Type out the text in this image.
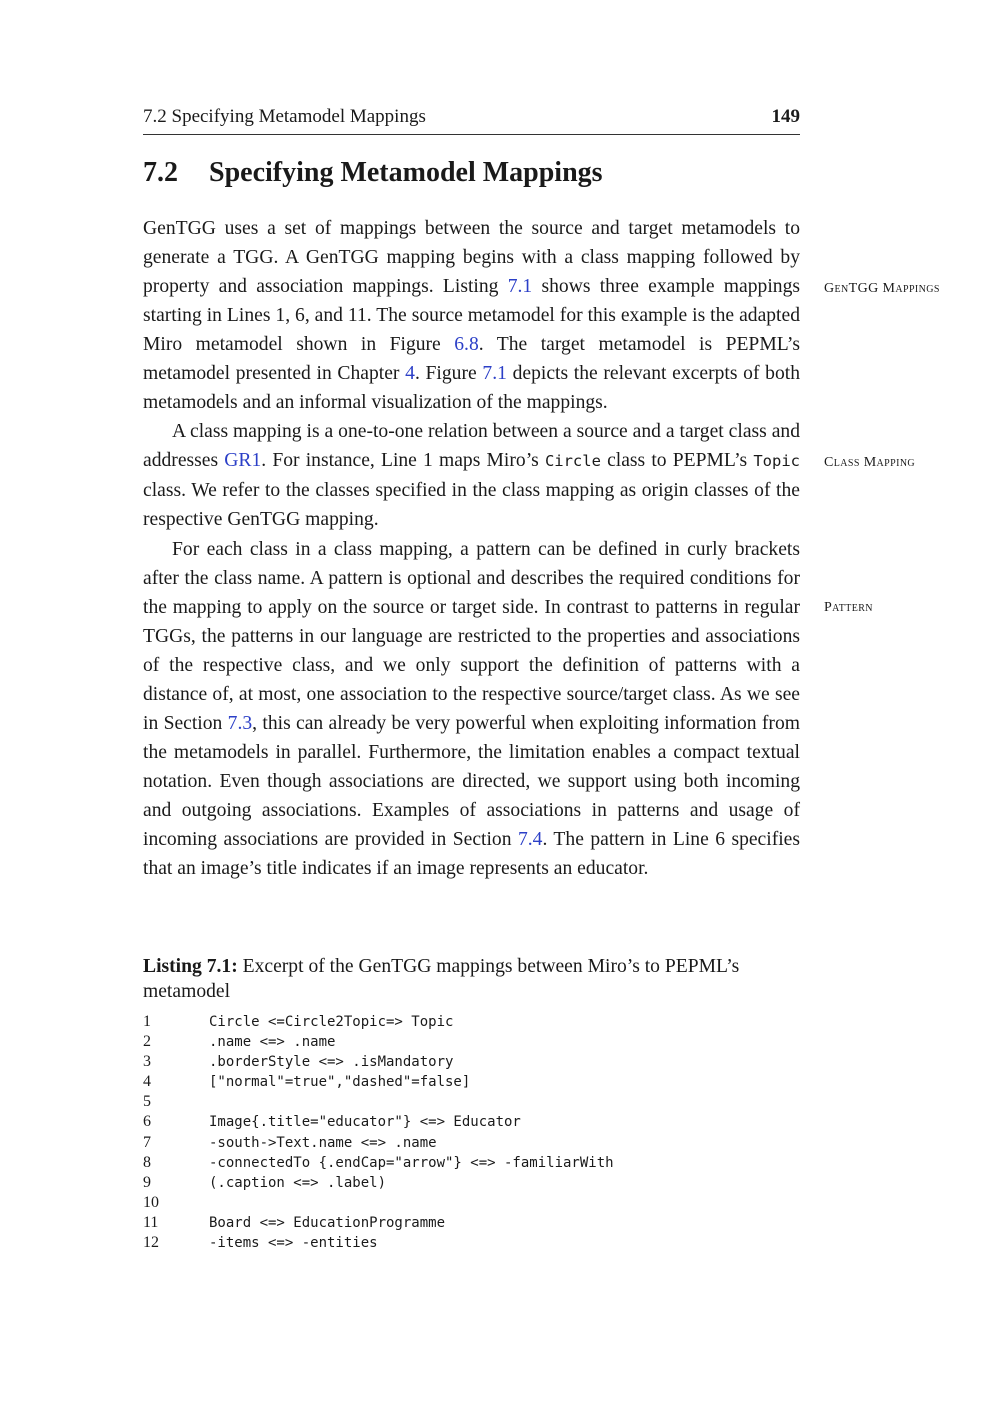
7.2 Specifying Metamodel Mappings	149
7.2 Specifying Metamodel Mappings

GenTGG uses a set of mappings between the source and target metamodels to generate a TGG. A GenTGG mapping begins with a class mapping followed by property and association mappings. Listing 7.1 shows three example mappings starting in Lines 1, 6, and 11. The source metamodel for this example is the adapted Miro metamodel shown in Figure 6.8. The target metamodel is PEPML’s metamodel presented in Chapter 4. Figure 7.1 depicts the relevant excerpts of both metamodels and an informal visualization of the mappings.

A class mapping is a one-to-one relation between a source and a target class and addresses GR1. For instance, Line 1 maps Miro’s Circle class to PEPML’s Topic class. We refer to the classes specified in the class mapping as origin classes of the respective GenTGG mapping.

For each class in a class mapping, a pattern can be defined in curly brackets after the class name. A pattern is optional and describes the required conditions for the mapping to apply on the source or target side. In contrast to patterns in regular TGGs, the patterns in our language are restricted to the properties and associations of the respective class, and we only support the definition of patterns with a distance of, at most, one association to the respective source/target class. As we see in Section 7.3, this can already be very powerful when exploiting information from the metamodels in parallel. Furthermore, the limitation enables a compact textual notation. Even though associations are directed, we support using both incoming and outgoing associations. Examples of associations in patterns and usage of incoming associations are provided in Section 7.4. The pattern in Line 6 specifies that an image’s title indicates if an image represents an educator.

GenTGG Mappings
Class Mapping
Pattern
Listing 7.1: Excerpt of the GenTGG mappings between Miro’s to PEPML’s metamodel
1	Circle <=Circle2Topic=> Topic
2	.name <=> .name
3	.borderStyle <=> .isMandatory
4	["normal"=true","dashed"=false]
5
6	Image{.title="educator"} <=> Educator
7	-south->Text.name <=> .name
8	-connectedTo {.endCap="arrow"} <=> -familiarWith
9	(.caption <=> .label)
10
11	Board <=> EducationProgramme
12	-items <=> -entities
